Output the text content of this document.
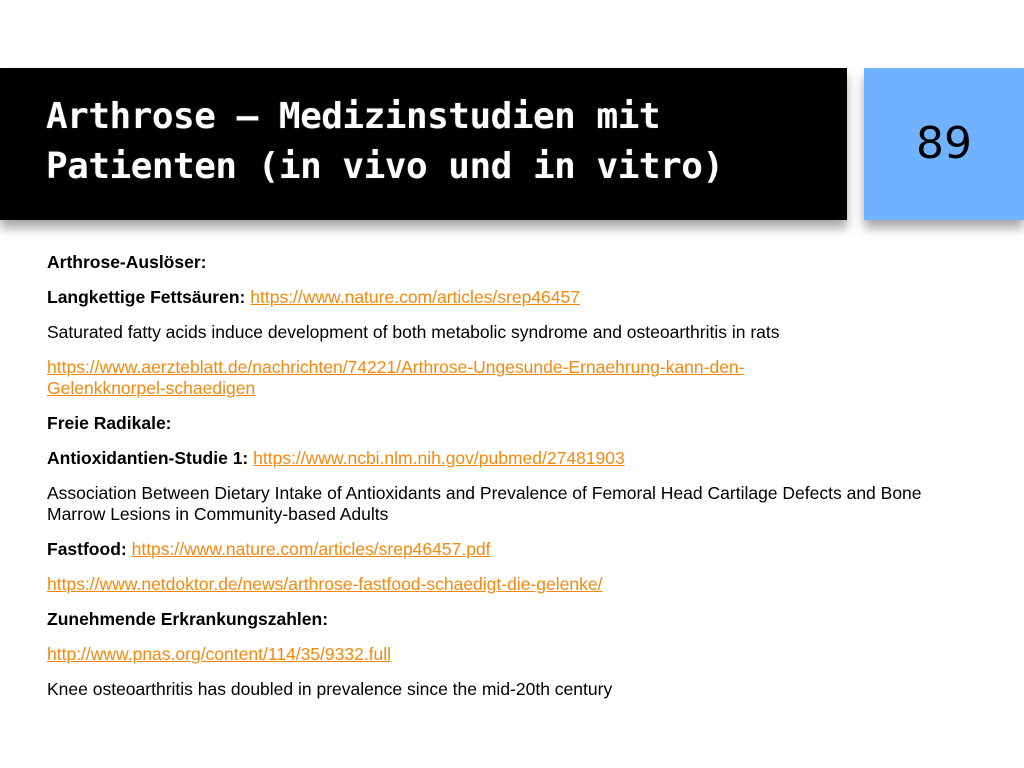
Arthrose – Medizinstudien mit
Patienten (in vivo und in vitro)	89

Arthrose-Auslöser:

Langkettige Fettsäuren: https://www.nature.com/articles/srep46457

Saturated fatty acids induce development of both metabolic syndrome and osteoarthritis in rats

https://www.aerzteblatt.de/nachrichten/74221/Arthrose-Ungesunde-Ernaehrung-kann-den-
Gelenkknorpel-schaedigen

Freie Radikale:

Antioxidantien-Studie 1: https://www.ncbi.nlm.nih.gov/pubmed/27481903

Association Between Dietary Intake of Antioxidants and Prevalence of Femoral Head Cartilage Defects and Bone Marrow Lesions in Community-based Adults

Fastfood: https://www.nature.com/articles/srep46457.pdf

https://www.netdoktor.de/news/arthrose-fastfood-schaedigt-die-gelenke/

Zunehmende Erkrankungszahlen:

http://www.pnas.org/content/114/35/9332.full

Knee osteoarthritis has doubled in prevalence since the mid-20th century
